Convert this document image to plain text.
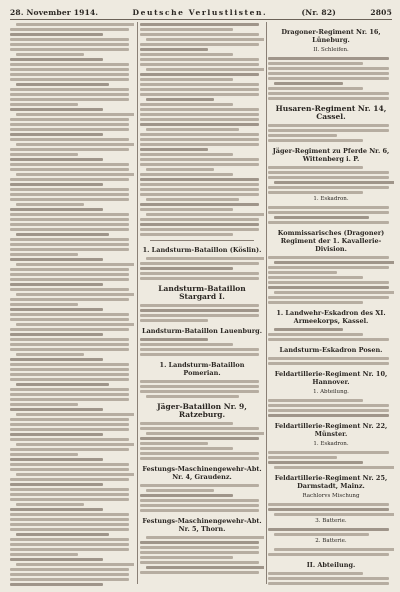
28. November 1914.	Deutsche Verlustlisten.	(Nr. 82)	2805
1. Landsturm-Bataillon (Köslin).
Landsturm-Bataillon Stargard I.
Landsturm-Bataillon Lauenburg.
1. Landsturm-Bataillon Pomerian.
Jäger-Bataillon Nr. 9, Ratzeburg.
Festungs-Maschinengewehr-Abt. Nr. 4, Graudenz.
Festungs-Maschinengewehr-Abt. Nr. 5, Thorn.
Dragoner-Regiment Nr. 16, Lüneburg.
II. Schleifen.
Husaren-Regiment Nr. 14, Cassel.
Jäger-Regiment zu Pferde Nr. 6, Wittenberg i. P.
1. Eskadron.
Kommissarisches (Dragoner) Regiment der 1. Kavallerie-Division.
1. Landwehr-Eskadron des XI. Armeekorps, Kassel.
Landsturm-Eskadron Posen.
Feldartillerie-Regiment Nr. 10, Hannover.
1. Abteilung.
Feldartillerie-Regiment Nr. 22, Münster.
1. Eskadron.
Feldartillerie-Regiment Nr. 25, Darmstadt, Mainz.
Rachlorvs Mischung
3. Batterie.
2. Batterie.
II. Abteilung.
